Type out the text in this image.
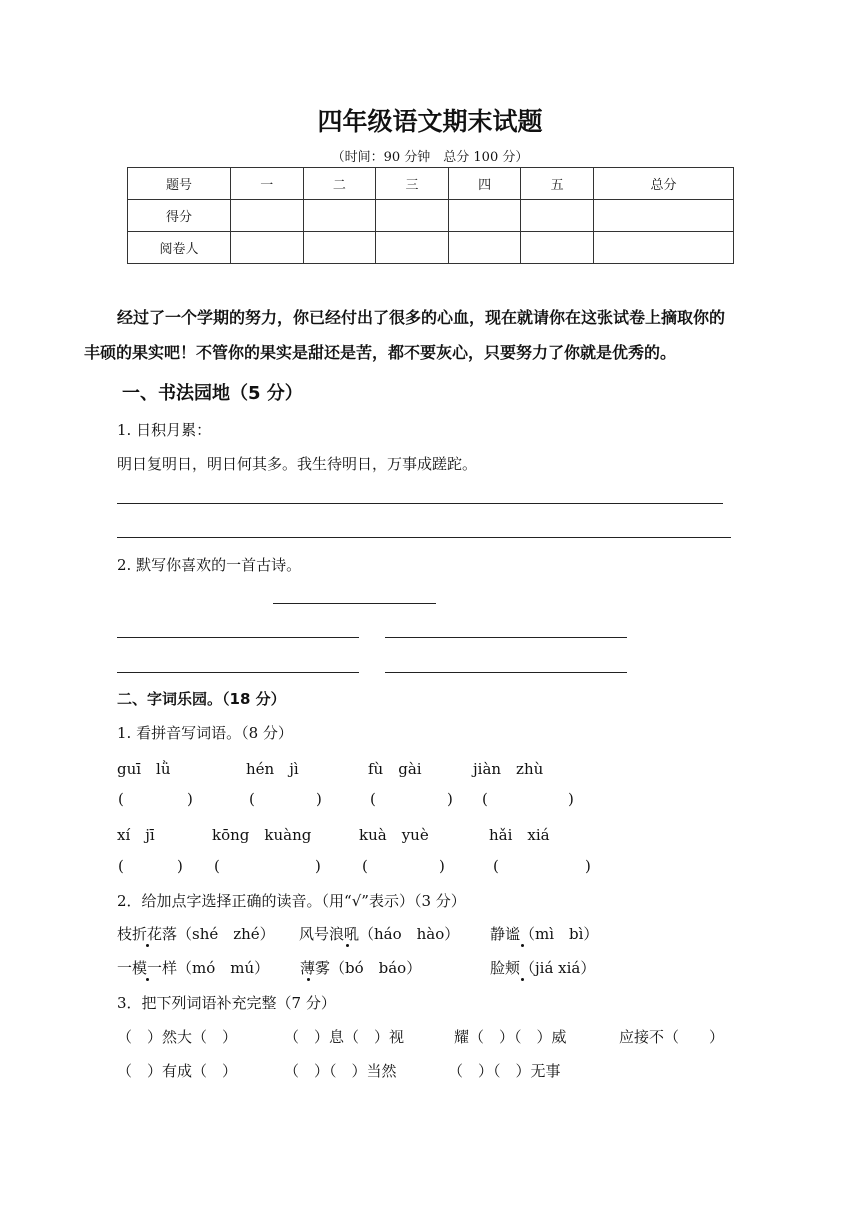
四年级语文期末试题
（时间：90 分钟　总分 100 分）
题号	一	二	三	四	五	总分
得分						
阅卷人						
经过了一个学期的努力，你已经付出了很多的心血，现在就请你在这张试卷上摘取你的
丰硕的果实吧！不管你的果实是甜还是苦，都不要灰心，只要努力了你就是优秀的。
一、书法园地（5 分）
1. 日积月累：
明日复明日，明日何其多。我生待明日，万事成蹉跎。
2. 默写你喜欢的一首古诗。
二、字词乐园。（18 分）
1. 看拼音写词语。（8 分）
guī　lǜ	hén　jì	fù　gài	jiàn　zhù
(	)	(	)	(	) (	)
xí　jī	kōng　kuàng	kuà　yuè	hǎi　xiá
(	) (	)	(	)	(	)
2．给加点字选择正确的读音。（用“√”表示）（3 分）
枝折花落（shé　zhé） 风号浪吼（háo　hào） 静谧（mì　bì）
一模一样（mó　mú） 薄雾（bó　báo）	脸颊（jiá xiá）
3．把下列词语补充完整（7 分）
（　）然大（　）	（　）息（　）视	耀（　）（　）威	应接不（　　）
（　）有成（　）	（　）（　）当然	（　）（　）无事
